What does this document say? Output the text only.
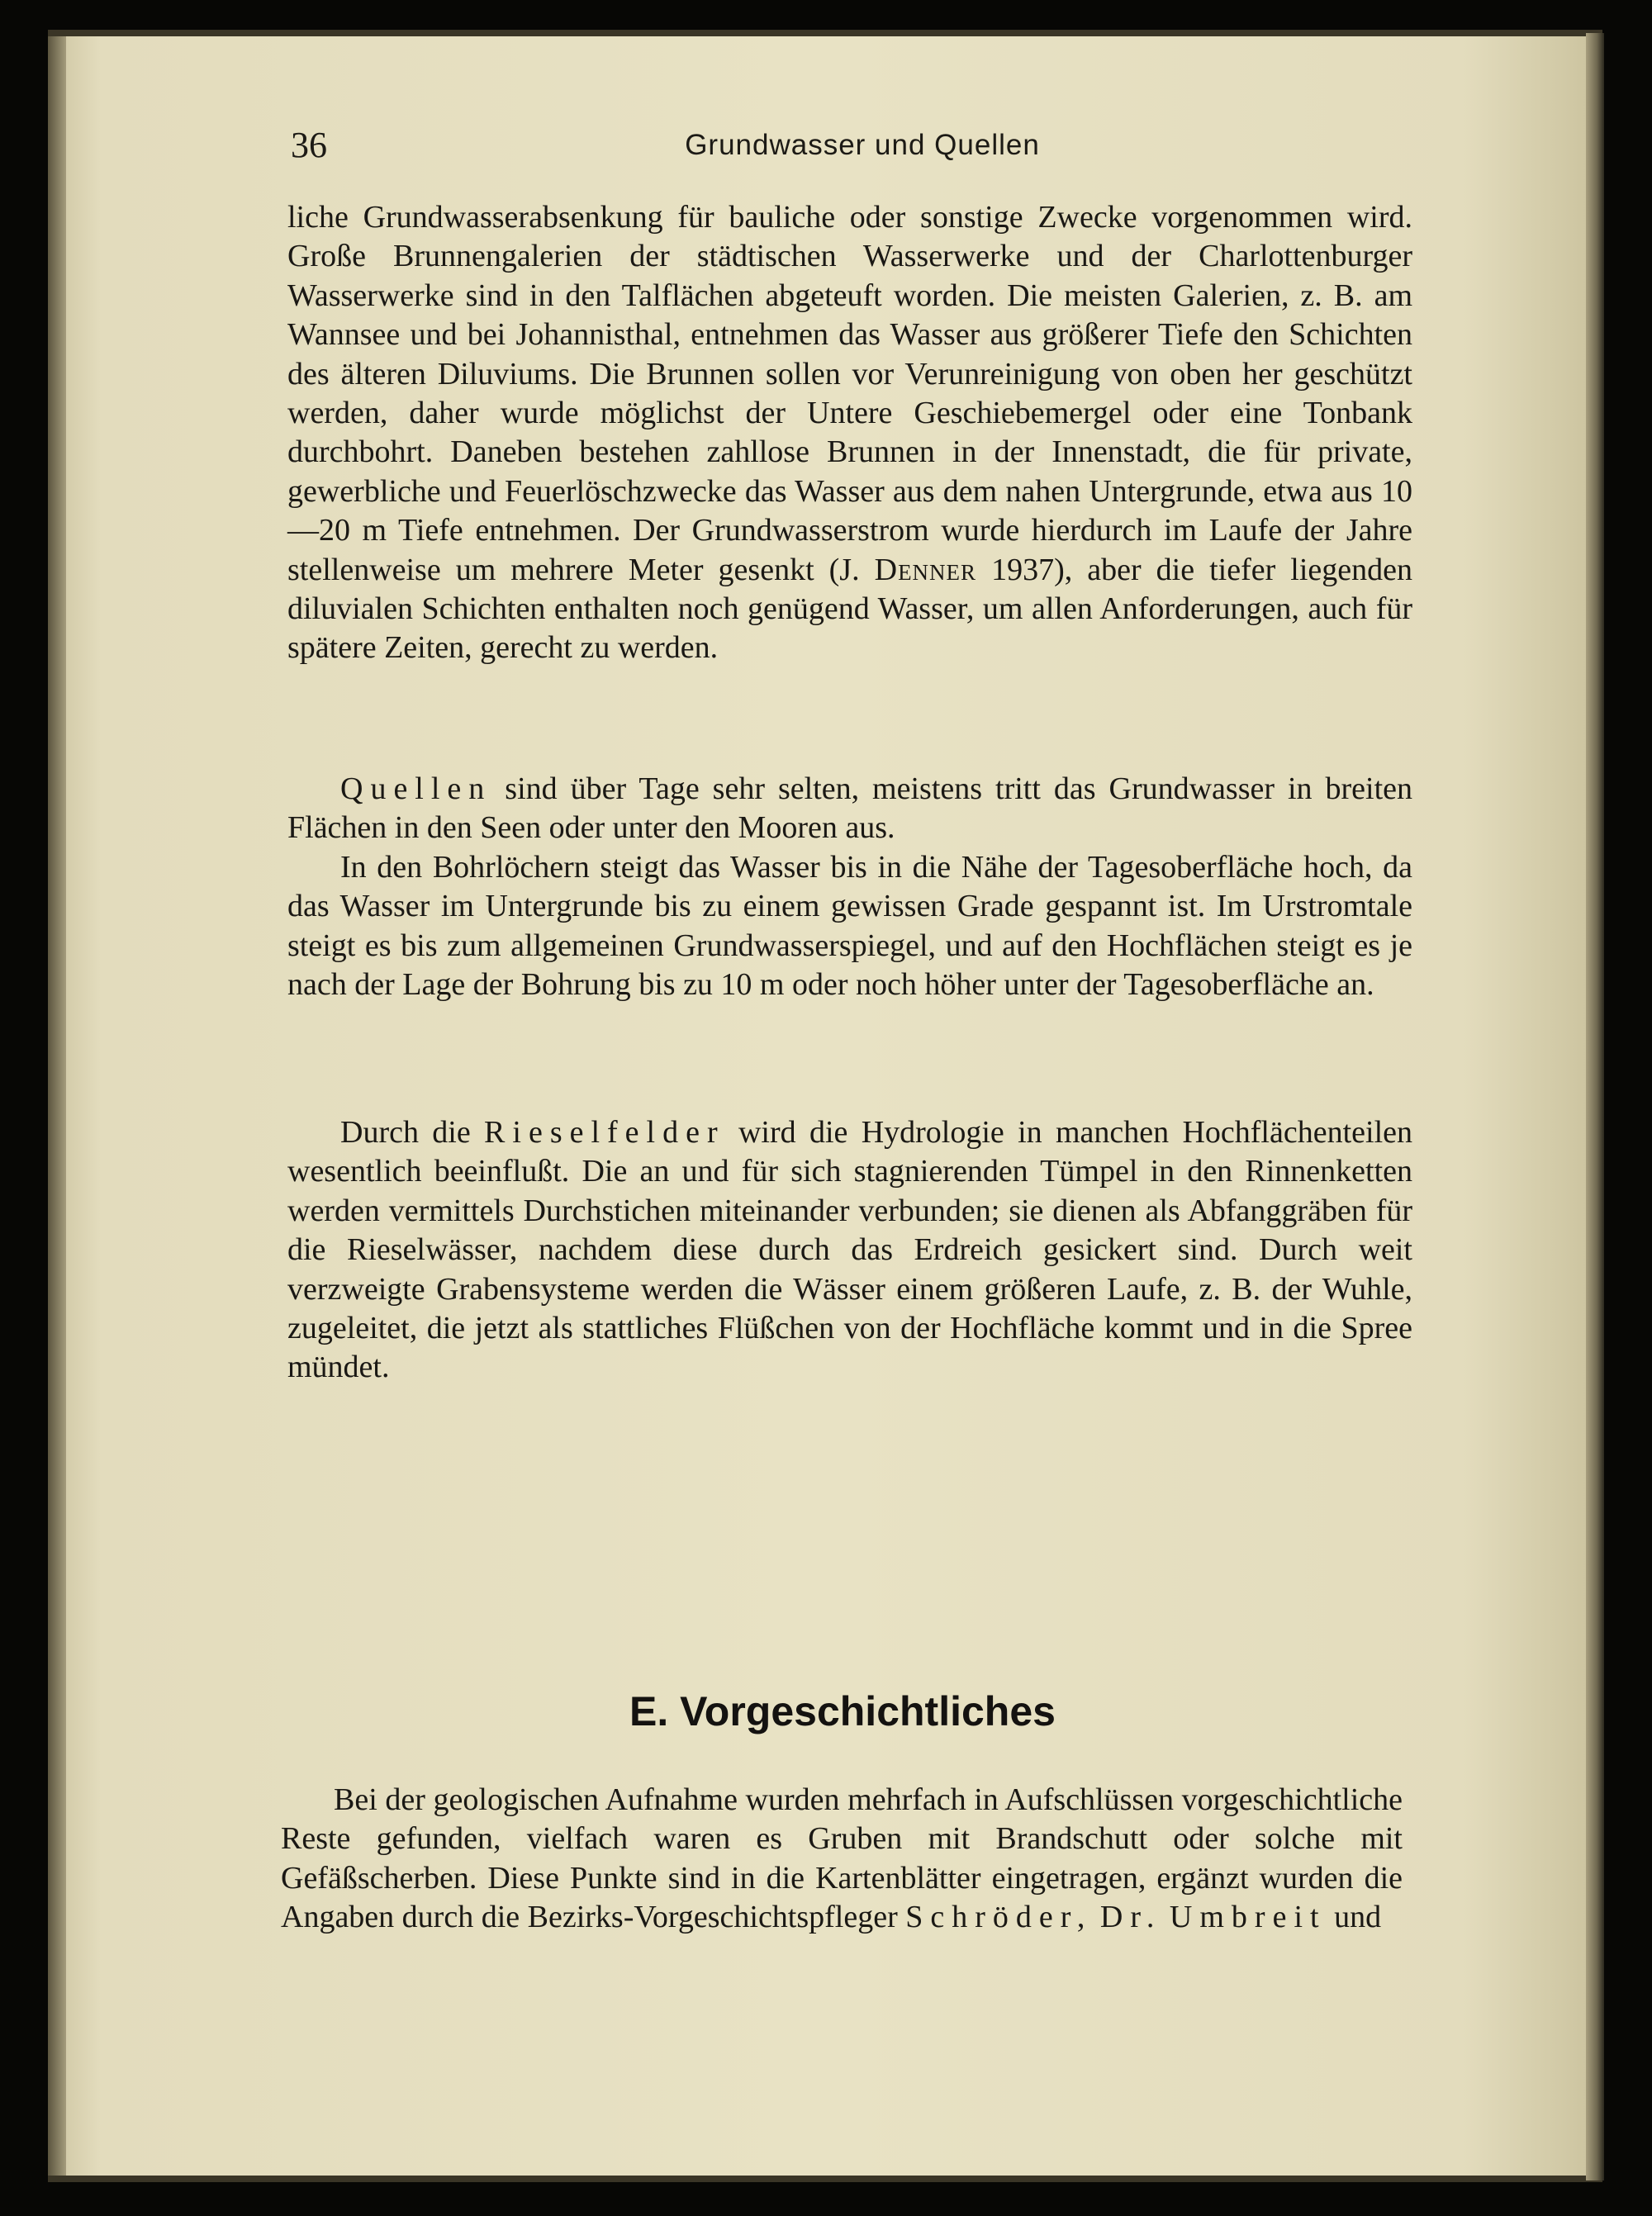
36	Grundwasser und Quellen

liche Grundwasserabsenkung für bauliche oder sonstige Zwecke vorgenommen wird. Große Brunnengalerien der städtischen Wasserwerke und der Charlottenburger Wasserwerke sind in den Talflächen abgeteuft worden. Die meisten Galerien, z. B. am Wannsee und bei Johannisthal, entnehmen das Wasser aus größerer Tiefe den Schichten des älteren Diluviums. Die Brunnen sollen vor Verunreinigung von oben her geschützt werden, daher wurde möglichst der Untere Geschiebemergel oder eine Tonbank durchbohrt. Daneben bestehen zahllose Brunnen in der Innenstadt, die für private, gewerbliche und Feuerlöschzwecke das Wasser aus dem nahen Untergrunde, etwa aus 10—20 m Tiefe entnehmen. Der Grundwasserstrom wurde hierdurch im Laufe der Jahre stellenweise um mehrere Meter gesenkt (J. Denner 1937), aber die tiefer liegenden diluvialen Schichten enthalten noch genügend Wasser, um allen Anforderungen, auch für spätere Zeiten, gerecht zu werden.

Quellen sind über Tage sehr selten, meistens tritt das Grundwasser in breiten Flächen in den Seen oder unter den Mooren aus.

In den Bohrlöchern steigt das Wasser bis in die Nähe der Tagesoberfläche hoch, da das Wasser im Untergrunde bis zu einem gewissen Grade gespannt ist. Im Urstromtale steigt es bis zum allgemeinen Grundwasserspiegel, und auf den Hochflächen steigt es je nach der Lage der Bohrung bis zu 10 m oder noch höher unter der Tagesoberfläche an.

Durch die Rieselfelder wird die Hydrologie in manchen Hochflächenteilen wesentlich beeinflußt. Die an und für sich stagnierenden Tümpel in den Rinnenketten werden vermittels Durchstichen miteinander verbunden; sie dienen als Abfanggräben für die Rieselwässer, nachdem diese durch das Erdreich gesickert sind. Durch weit verzweigte Grabensysteme werden die Wässer einem größeren Laufe, z. B. der Wuhle, zugeleitet, die jetzt als stattliches Flüßchen von der Hochfläche kommt und in die Spree mündet.

E. Vorgeschichtliches

Bei der geologischen Aufnahme wurden mehrfach in Aufschlüssen vorgeschichtliche Reste gefunden, vielfach waren es Gruben mit Brandschutt oder solche mit Gefäßscherben. Diese Punkte sind in die Kartenblätter eingetragen, ergänzt wurden die Angaben durch die Bezirks-Vorgeschichtspfleger Schröder, Dr. Umbreit und
